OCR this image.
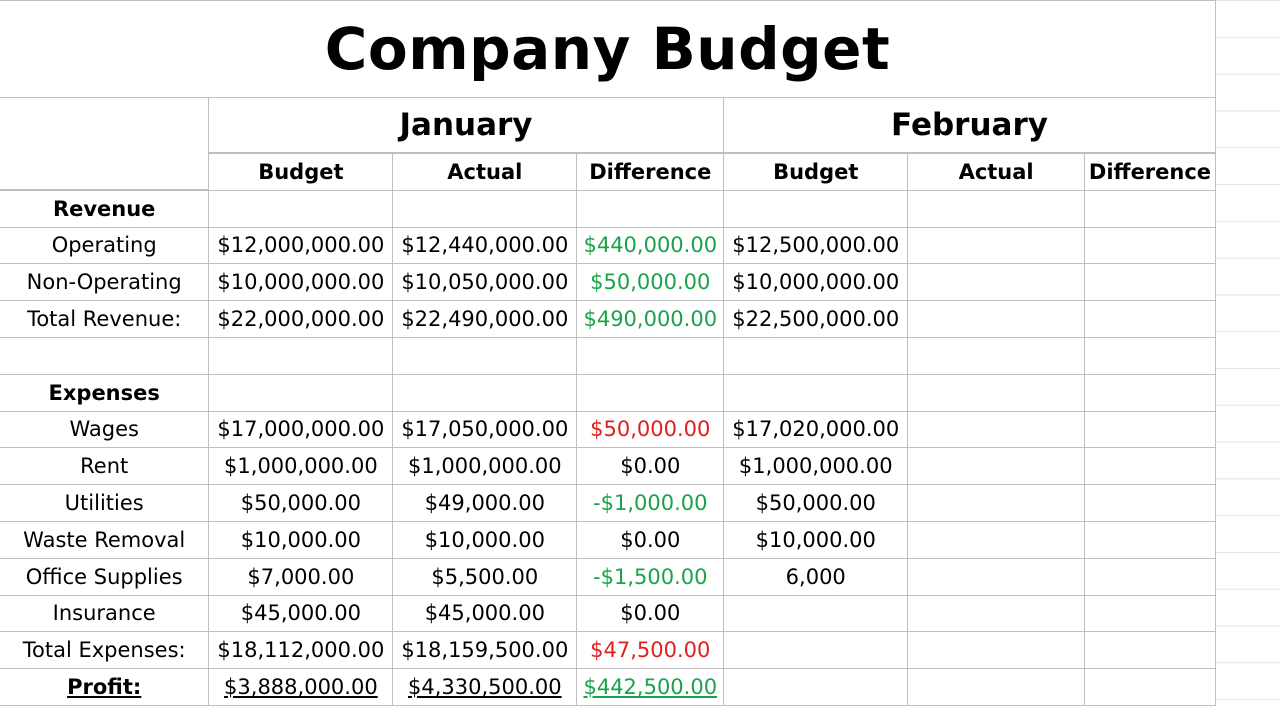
Company Budget
January	February
	Budget	Actual	Difference	Budget	Actual	Difference
Revenue						
Operating	$12,000,000.00	$12,440,000.00	$440,000.00	$12,500,000.00		
Non-Operating	$10,000,000.00	$10,050,000.00	$50,000.00	$10,000,000.00		
Total Revenue:	$22,000,000.00	$22,490,000.00	$490,000.00	$22,500,000.00		

Expenses						
Wages	$17,000,000.00	$17,050,000.00	$50,000.00	$17,020,000.00		
Rent	$1,000,000.00	$1,000,000.00	$0.00	$1,000,000.00		
Utilities	$50,000.00	$49,000.00	-$1,000.00	$50,000.00		
Waste Removal	$10,000.00	$10,000.00	$0.00	$10,000.00		
Office Supplies	$7,000.00	$5,500.00	-$1,500.00	6,000		
Insurance	$45,000.00	$45,000.00	$0.00			
Total Expenses:	$18,112,000.00	$18,159,500.00	$47,500.00			
Profit:	$3,888,000.00	$4,330,500.00	$442,500.00			
